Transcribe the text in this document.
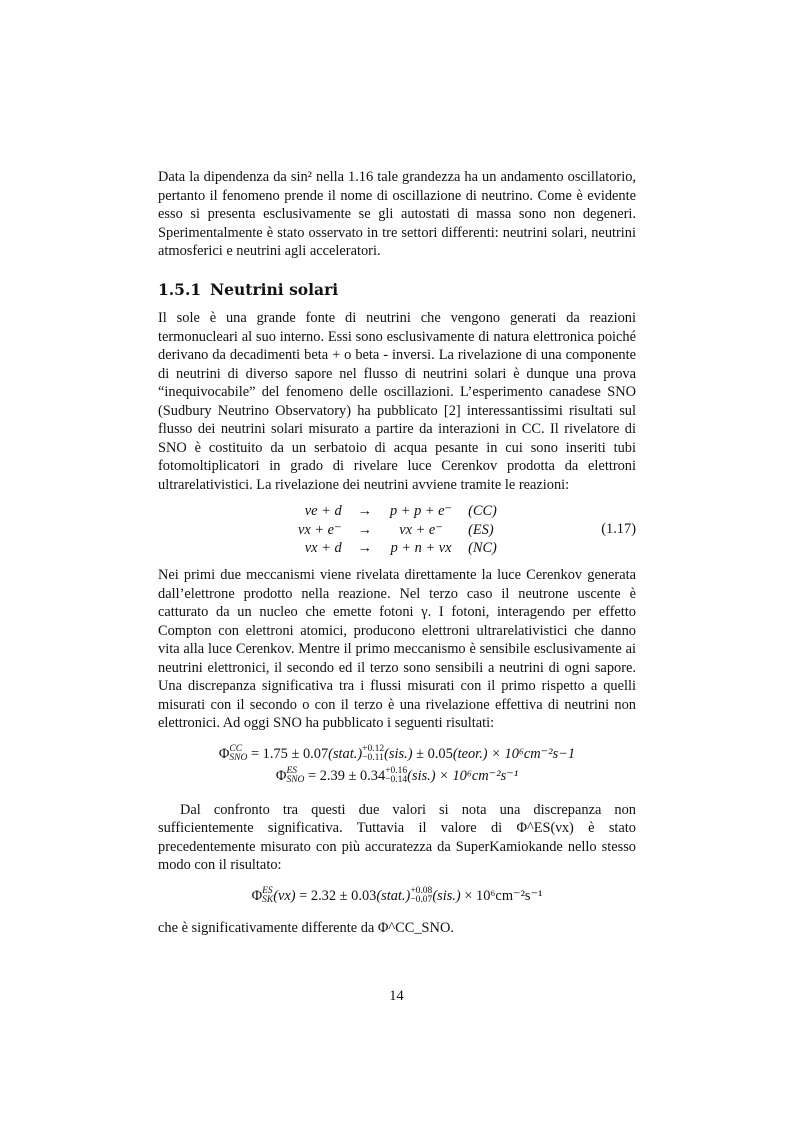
Data la dipendenza da sin² nella 1.16 tale grandezza ha un andamento oscillatorio, pertanto il fenomeno prende il nome di oscillazione di neutrino. Come è evidente esso si presenta esclusivamente se gli autostati di massa sono non degeneri. Sperimentalmente è stato osservato in tre settori differenti: neutrini solari, neutrini atmosferici e neutrini agli acceleratori.

1.5.1 Neutrini solari

Il sole è una grande fonte di neutrini che vengono generati da reazioni termonucleari al suo interno. Essi sono esclusivamente di natura elettronica poiché derivano da decadimenti beta + o beta - inversi. La rivelazione di una componente di neutrini di diverso sapore nel flusso di neutrini solari è dunque una prova “inequivocabile” del fenomeno delle oscillazioni. L’esperimento canadese SNO (Sudbury Neutrino Observatory) ha pubblicato [2] interessantissimi risultati sul flusso dei neutrini solari misurato a partire da interazioni in CC. Il rivelatore di SNO è costituito da un serbatoio di acqua pesante in cui sono inseriti tubi fotomoltiplicatori in grado di rivelare luce Cerenkov prodotta da elettroni ultrarelativistici. La rivelazione dei neutrini avviene tramite le reazioni:

νe + d	→	p + p + e⁻	(CC)
νx + e⁻	→	νx + e⁻	(ES)
νx + d	→	p + n + νx	(NC)
(1.17)

Nei primi due meccanismi viene rivelata direttamente la luce Cerenkov generata dall’elettrone prodotto nella reazione. Nel terzo caso il neutrone uscente è catturato da un nucleo che emette fotoni γ. I fotoni, interagendo per effetto Compton con elettroni atomici, producono elettroni ultrarelativistici che danno vita alla luce Cerenkov. Mentre il primo meccanismo è sensibile esclusivamente ai neutrini elettronici, il secondo ed il terzo sono sensibili a neutrini di ogni sapore. Una discrepanza significativa tra i flussi misurati con il primo rispetto a quelli misurati con il secondo o con il terzo è una rivelazione effettiva di neutrini non elettronici. Ad oggi SNO ha pubblicato i seguenti risultati:

Φ CC
SNO = 1.75 ± 0.07(stat.) +0.12
−0.11 (sis.) ± 0.05(teor.) × 10⁶cm⁻²s−1
Φ ES
SNO = 2.39 ± 0.34 +0.16
−0.14 (sis.) × 10⁶cm⁻²s⁻¹

Dal confronto tra questi due valori si nota una discrepanza non sufficientemente significativa. Tuttavia il valore di Φ^ES(νx) è stato precedentemente misurato con più accuratezza da SuperKamiokande nello stesso modo con il risultato:

Φ ES
SK (νx) = 2.32 ± 0.03(stat.) +0.08
−0.07 (sis.) × 10⁶cm⁻²s⁻¹

che è significativamente differente da Φ^CC_SNO.

14
